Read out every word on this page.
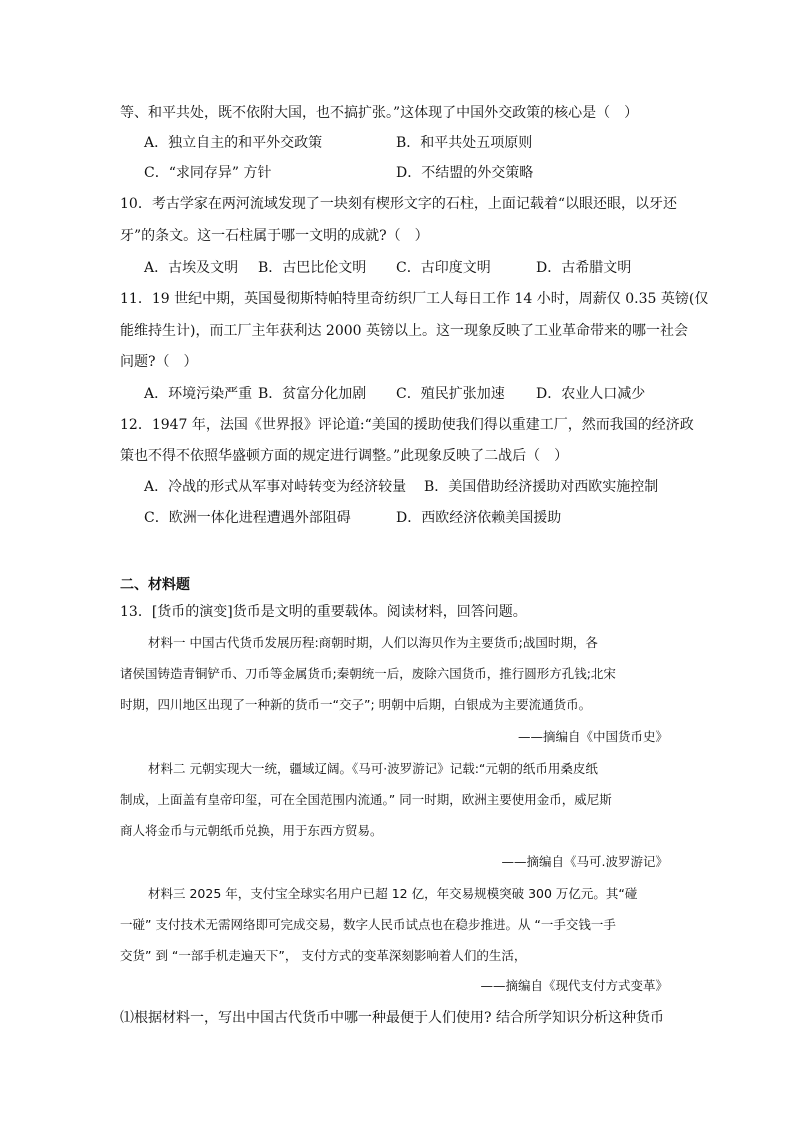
等、和平共处，既不依附大国，也不搞扩张。”这体现了中国外交政策的核心是（　）
A．独立自主的和平外交政策	B．和平共处五项原则
C．“求同存异” 方针	D．不结盟的外交策略
10．考古学家在两河流域发现了一块刻有楔形文字的石柱，上面记载着“以眼还眼，以牙还
牙”的条文。这一石柱属于哪一文明的成就?（　）
A．古埃及文明 B．古巴比伦文明 C．古印度文明	D．古希腊文明
11．19 世纪中期，英国曼彻斯特帕特里奇纺织厂工人每日工作 14 小时，周薪仅 0.35 英镑(仅
能维持生计)，而工厂主年获利达 2000 英镑以上。这一现象反映了工业革命带来的哪一社会
问题?（　）
A．环境污染严重 B．贫富分化加剧 C．殖民扩张加速 D．农业人口减少
12．1947 年，法国《世界报》评论道:“美国的援助使我们得以重建工厂，然而我国的经济政
策也不得不依照华盛顿方面的规定进行调整。”此现象反映了二战后（　）
A．冷战的形式从军事对峙转变为经济较量 B．美国借助经济援助对西欧实施控制
C．欧洲一体化进程遭遇外部阻碍	D．西欧经济依赖美国援助
二、材料题
13．[货币的演变]货币是文明的重要载体。阅读材料，回答问题。
材料一 中国古代货币发展历程:商朝时期，人们以海贝作为主要货币;战国时期，各
诸侯国铸造青铜铲币、刀币等金属货币;秦朝统一后，废除六国货币，推行圆形方孔钱;北宋
时期，四川地区出现了一种新的货币一“交子”; 明朝中后期，白银成为主要流通货币。
——摘编自《中国货币史》
材料二 元朝实现大一统，疆域辽阔。《马可·波罗游记》记载:“元朝的纸币用桑皮纸
制成，上面盖有皇帝印玺，可在全国范围内流通。” 同一时期，欧洲主要使用金币，威尼斯
商人将金币与元朝纸币兑换，用于东西方贸易。
——摘编自《马可.波罗游记》
材料三 2025 年，支付宝全球实名用户已超 12 亿，年交易规模突破 300 万亿元。其“碰
一碰” 支付技术无需网络即可完成交易，数字人民币试点也在稳步推进。从 “一手交钱一手
交货” 到 “一部手机走遍天下”， 支付方式的变革深刻影响着人们的生活，
——摘编自《现代支付方式变革》
⑴根据材料一，写出中国古代货币中哪一种最便于人们使用? 结合所学知识分析这种货币
